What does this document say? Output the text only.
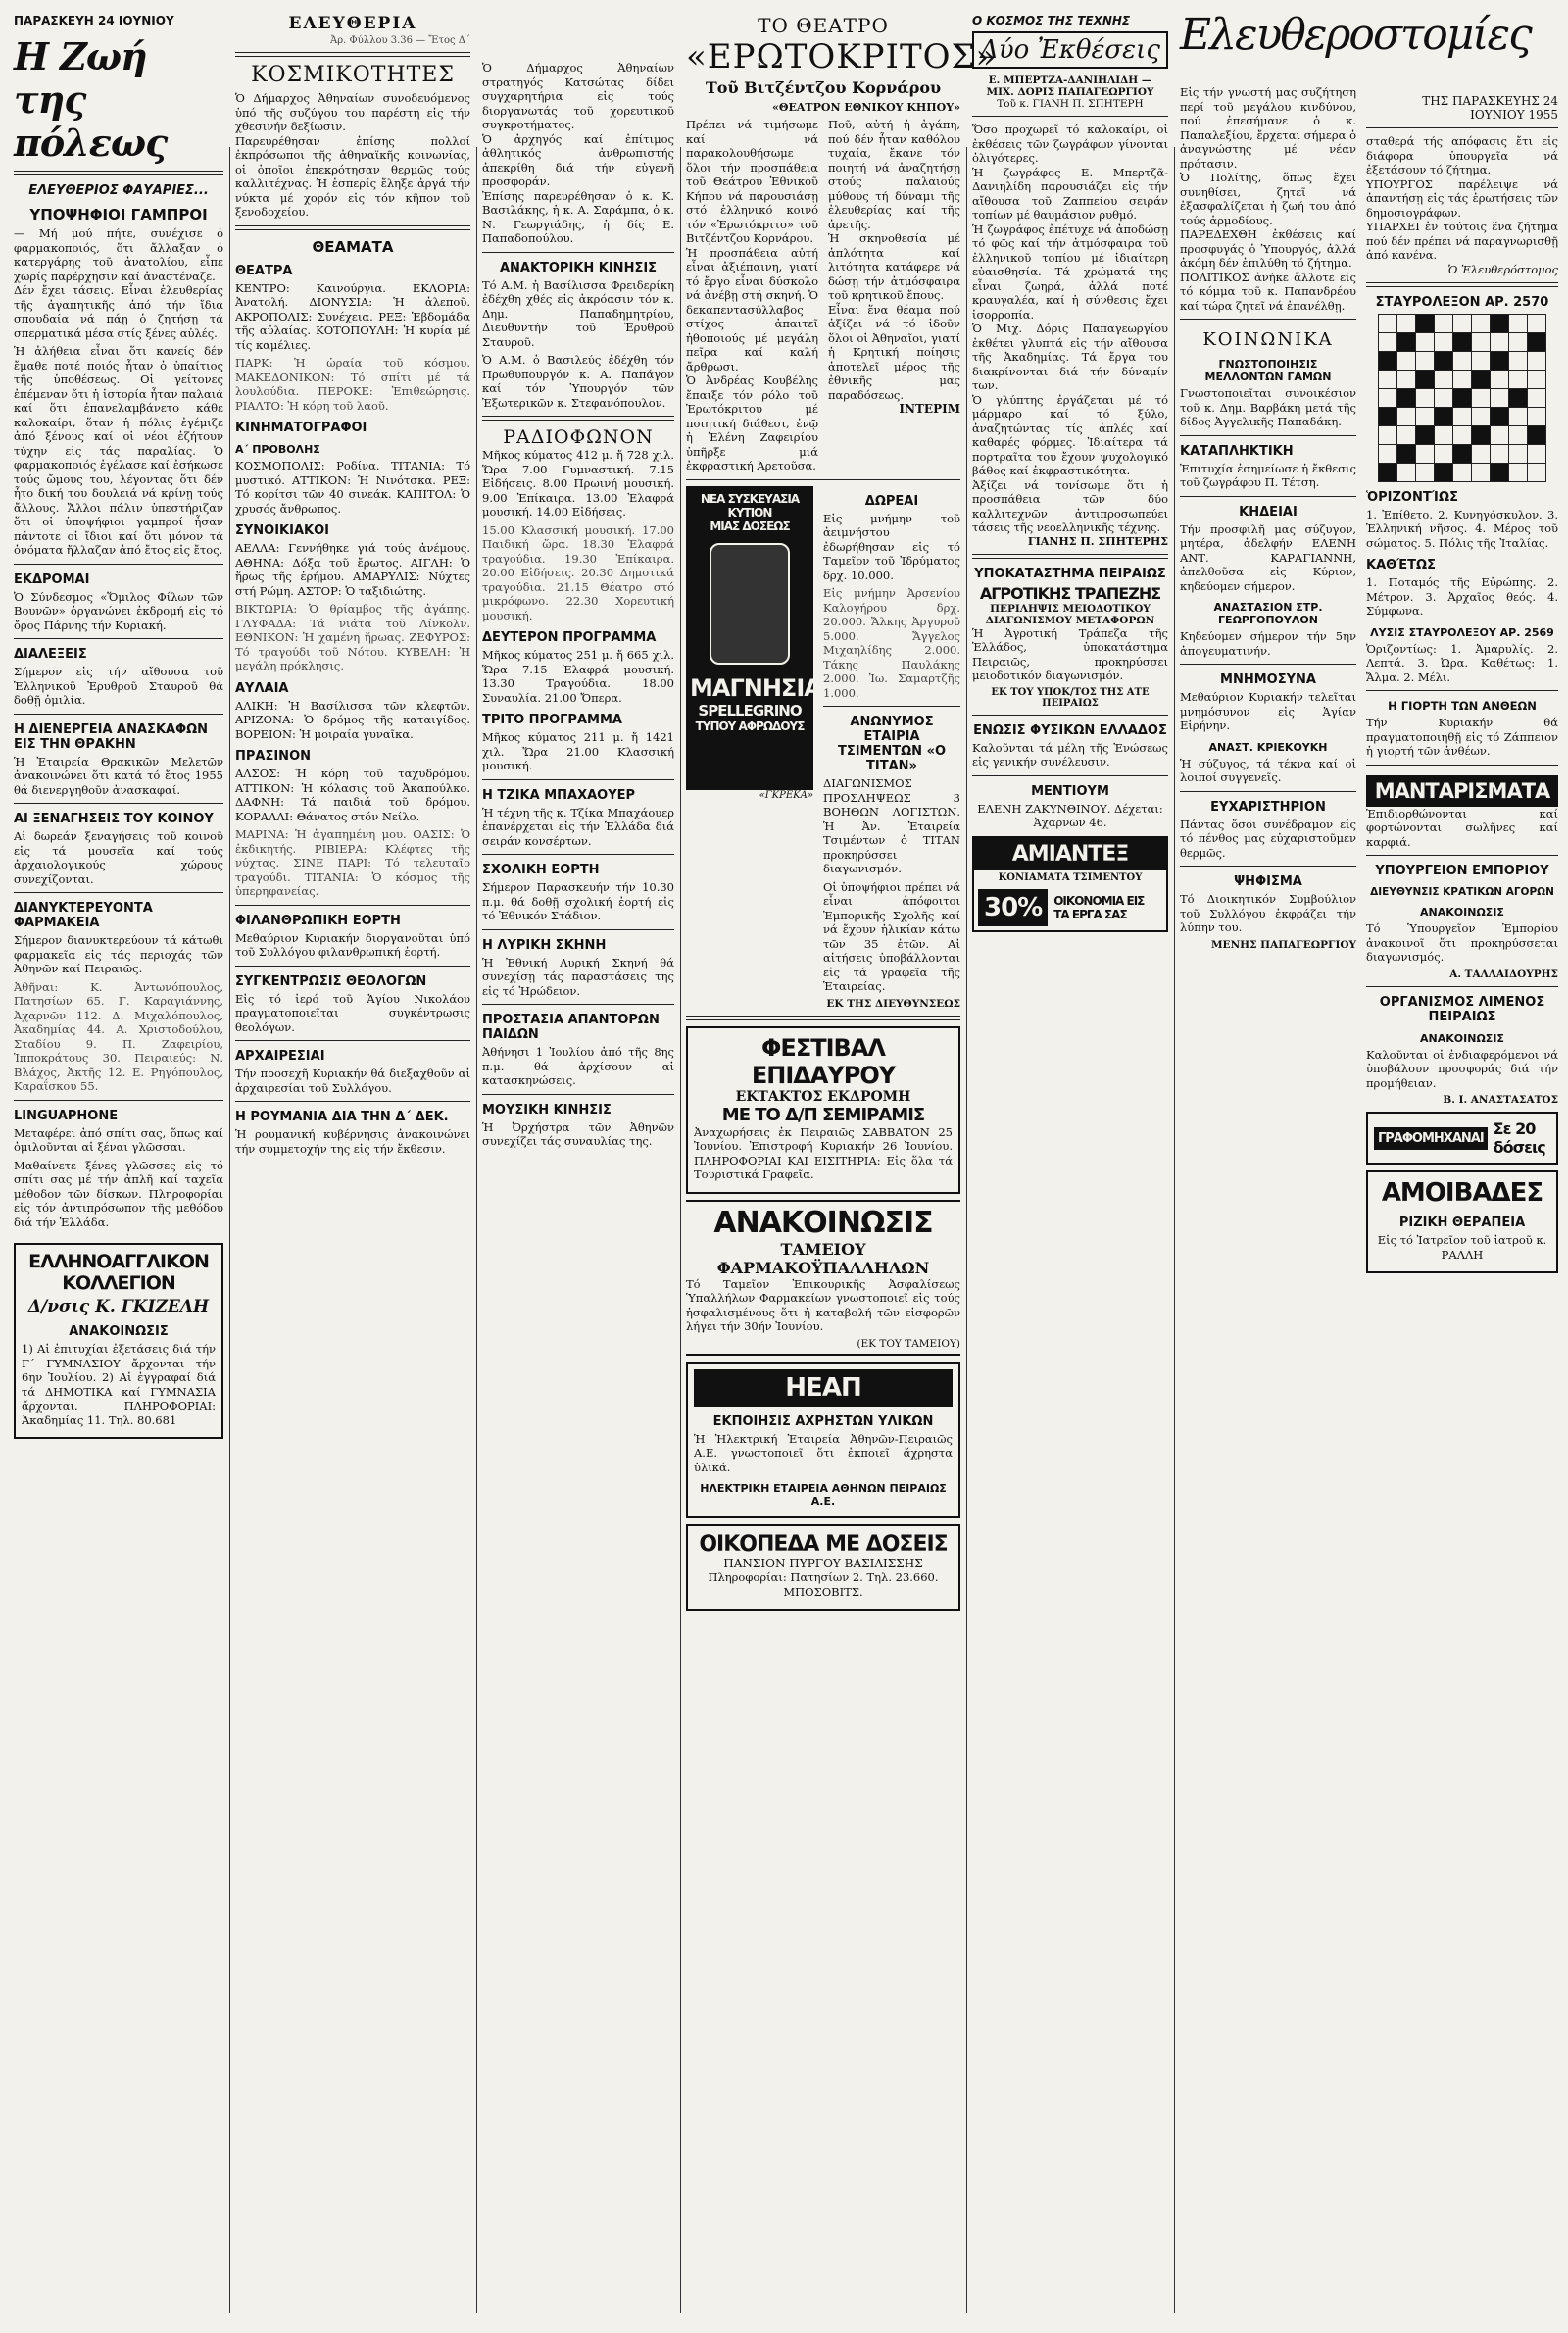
ΠΑΡΑΣΚΕΥΗ 24 ΙΟΥΝΙΟΥ
Η Ζωή της πόλεως
ΕΛΕΥΘΕΡΙΟΣ ΦΑΥΑΡΙΕΣ...
ΥΠΟΨΗΦΙΟΙ ΓΑΜΠΡΟΙ

— Μή μού πήτε, συνέχισε ὁ φαρμακοποιός, ὅτι ἄλλαξαν ὁ κατεργάρης τοῦ ἀνατολίου, εἶπε χωρίς παρέρχησιν καί ἀναστέναζε.

Δέν ἔχει τάσεις. Εἶναι ἐλευθερίας τῆς ἀγαπητικῆς ἀπό τήν ἴδια σπουδαία νά πάῃ ὁ ζητήσῃ τά σπερματικά μέσα στίς ξένες αὐλές.

Ἡ ἀλήθεια εἶναι ὅτι κανείς δέν ἔμαθε ποτέ ποιός ἦταν ὁ ὑπαίτιος τῆς ὑποθέσεως. Οἱ γείτονες ἐπέμεναν ὅτι ἡ ἱστορία ἦταν παλαιά καί ὅτι ἐπανελαμβάνετο κάθε καλοκαίρι, ὅταν ἡ πόλις ἐγέμιζε ἀπό ξένους καί οἱ νέοι ἐζήτουν τύχην εἰς τάς παραλίας. Ὁ φαρμακοποιός ἐγέλασε καί ἐσήκωσε τούς ὤμους του, λέγοντας ὅτι δέν ἦτο δική του δουλειά νά κρίνῃ τούς ἄλλους. Ἄλλοι πάλιν ὑπεστήριζαν ὅτι οἱ ὑποψήφιοι γαμπροί ἦσαν πάντοτε οἱ ἴδιοι καί ὅτι μόνον τά ὀνόματα ἤλλαζαν ἀπό ἔτος εἰς ἔτος.

ΕΚΔΡΟΜΑΙ

Ὁ Σύνδεσμος «Ὅμιλος Φίλων τῶν Βουνῶν» ὀργανώνει ἐκδρομή εἰς τό ὄρος Πάρνης τήν Κυριακή.

ΔΙΑΛΕΞΕΙΣ

Σήμερον εἰς τήν αἴθουσα τοῦ Ἑλληνικοῦ Ἐρυθροῦ Σταυροῦ θά δοθῇ ὁμιλία.

Η ΔΙΕΝΕΡΓΕΙΑ ΑΝΑΣΚΑΦΩΝ ΕΙΣ ΤΗΝ ΘΡΑΚΗΝ

Ἡ Ἑταιρεία Θρακικῶν Μελετῶν ἀνακοινώνει ὅτι κατά τό ἔτος 1955 θά διενεργηθοῦν ἀνασκαφαί.

ΑΙ ΞΕΝΑΓΗΣΕΙΣ ΤΟΥ ΚΟΙΝΟΥ

Αἱ δωρεάν ξεναγήσεις τοῦ κοινοῦ εἰς τά μουσεῖα καί τούς ἀρχαιολογικούς χώρους συνεχίζονται.

ΔΙΑΝΥΚΤΕΡΕΥΟΝΤΑ ΦΑΡΜΑΚΕΙΑ

Σήμερον διανυκτερεύουν τά κάτωθι φαρμακεῖα εἰς τάς περιοχάς τῶν Ἀθηνῶν καί Πειραιῶς.

Ἀθῆναι: Κ. Ἀντωνόπουλος, Πατησίων 65. Γ. Καραγιάννης, Ἀχαρνῶν 112. Δ. Μιχαλόπουλος, Ἀκαδημίας 44. Α. Χριστοδούλου, Σταδίου 9. Π. Ζαφειρίου, Ἱπποκράτους 30. Πειραιεύς: Ν. Βλάχος, Ἀκτῆς 12. Ε. Ρηγόπουλος, Καραΐσκου 55.

LINGUAPHONE

Μεταφέρει ἀπό σπίτι σας, ὅπως καί ὁμιλοῦνται αἱ ξέναι γλῶσσαι.

Μαθαίνετε ξένες γλῶσσες εἰς τό σπίτι σας μέ τήν ἀπλῆ καί ταχεῖα μέθοδον τῶν δίσκων. Πληροφορίαι εἰς τόν ἀντιπρόσωπον τῆς μεθόδου διά τήν Ἑλλάδα.

ΕΛΛΗΝΟΑΓΓΛΙΚΟΝ ΚΟΛΛΕΓΙΟΝ
Δ/νσις Κ. ΓΚΙΖΕΛΗ
ΑΝΑΚΟΙΝΩΣΙΣ

1) Αἱ ἐπιτυχίαι ἐξετάσεις διά τήν Γ΄ ΓΥΜΝΑΣΙΟΥ ἄρχονται τήν 6ην Ἰουλίου. 2) Αἱ ἐγγραφαί διά τά ΔΗΜΟΤΙΚΑ καί ΓΥΜΝΑΣΙΑ ἄρχονται. ΠΛΗΡΟΦΟΡΙΑΙ: Ἀκαδημίας 11. Τηλ. 80.681

ΕΛΕΥΘΕΡΙΑ
Ἀρ. Φύλλου 3.36 — Ἔτος Δ΄
ΚΟΣΜΙΚΟΤΗΤΕΣ

Ὁ Δήμαρχος Ἀθηναίων συνοδευόμενος ὑπό τῆς συζύγου του παρέστη εἰς τήν χθεσινήν δεξίωσιν.

Παρευρέθησαν ἐπίσης πολλοί ἐκπρόσωποι τῆς ἀθηναϊκῆς κοινωνίας, οἱ ὁποῖοι ἐπεκρότησαν θερμῶς τούς καλλιτέχνας. Ἡ ἑσπερίς ἔληξε ἀργά τήν νύκτα μέ χορόν εἰς τόν κῆπον τοῦ ξενοδοχείου.

ΘΕΑΜΑΤΑ
ΘΕΑΤΡΑ

ΚΕΝΤΡΟ: Καινούργια. ΕΚΛΟΡΙΑ: Ἀνατολή. ΔΙΟΝΥΣΙΑ: Ἡ ἀλεποῦ. ΑΚΡΟΠΟΛΙΣ: Συνέχεια. ΡΕΞ: Ἑβδομάδα τῆς αὐλαίας. ΚΟΤΟΠΟΥΛΗ: Ἡ κυρία μέ τίς καμέλιες.

ΠΑΡΚ: Ἡ ὡραία τοῦ κόσμου. ΜΑΚΕΔΟΝΙΚΟΝ: Τό σπίτι μέ τά λουλούδια. ΠΕΡΟΚΕ: Ἐπιθεώρησις. ΡΙΑΛΤΟ: Ἡ κόρη τοῦ λαοῦ.

ΚΙΝΗΜΑΤΟΓΡΑΦΟΙ
Α΄ ΠΡΟΒΟΛΗΣ

ΚΟΣΜΟΠΟΛΙΣ: Ροδίνα. ΤΙΤΑΝΙΑ: Τό μυστικό. ΑΤΤΙΚΟΝ: Ἡ Νινότσκα. ΡΕΞ: Τό κορίτσι τῶν 40 σινεάκ. ΚΑΠΙΤΟΛ: Ὁ χρυσός ἄνθρωπος.

ΣΥΝΟΙΚΙΑΚΟΙ

ΑΕΛΛΑ: Γεννήθηκε γιά τούς ἀνέμους. ΑΘΗΝΑ: Δόξα τοῦ ἔρωτος. ΑΙΓΛΗ: Ὁ ἥρως τῆς ἐρήμου. ΑΜΑΡΥΛΙΣ: Νύχτες στή Ρώμη. ΑΣΤΟΡ: Ὁ ταξιδιώτης.

ΒΙΚΤΩΡΙΑ: Ὁ θρίαμβος τῆς ἀγάπης. ΓΛΥΦΑΔΑ: Τά νιάτα τοῦ Λίνκολν. ΕΘΝΙΚΟΝ: Ἡ χαμένη ἥρωας. ΖΕΦΥΡΟΣ: Τό τραγούδι τοῦ Νότου. ΚΥΒΕΛΗ: Ἡ μεγάλη πρόκλησις.

ΑΥΛΑΙΑ

ΑΛΙΚΗ: Ἡ Βασίλισσα τῶν κλεφτῶν. ΑΡΙΖΟΝΑ: Ὁ δρόμος τῆς καταιγίδος. ΒΟΡΕΙΟΝ: Ἡ μοιραία γυναῖκα.

ΠΡΑΣΙΝΟΝ

ΑΛΣΟΣ: Ἡ κόρη τοῦ ταχυδρόμου. ΑΤΤΙΚΟΝ: Ἡ κόλασις τοῦ Ἀκαπούλκο. ΔΑΦΝΗ: Τά παιδιά τοῦ δρόμου. ΚΟΡΑΛΛΙ: Θάνατος στόν Νείλο.

ΜΑΡΙΝΑ: Ἡ ἀγαπημένη μου. ΟΑΣΙΣ: Ὁ ἐκδικητής. ΡΙΒΙΕΡΑ: Κλέφτες τῆς νύχτας. ΣΙΝΕ ΠΑΡΙ: Τό τελευταῖο τραγούδι. ΤΙΤΑΝΙΑ: Ὁ κόσμος τῆς ὑπερηφανείας.

ΦΙΛΑΝΘΡΩΠΙΚΗ ΕΟΡΤΗ

Μεθαύριον Κυριακήν διοργανοῦται ὑπό τοῦ Συλλόγου φιλανθρωπική ἑορτή.

ΣΥΓΚΕΝΤΡΩΣΙΣ ΘΕΟΛΟΓΩΝ

Εἰς τό ἱερό τοῦ Ἁγίου Νικολάου πραγματοποιεῖται συγκέντρωσις θεολόγων.

ΑΡΧΑΙΡΕΣΙΑΙ

Τήν προσεχῆ Κυριακήν θά διεξαχθοῦν αἱ ἀρχαιρεσίαι τοῦ Συλλόγου.

Η ΡΟΥΜΑΝΙΑ ΔΙΑ ΤΗΝ Δ΄ ΔΕΚ.

Ἡ ρουμανική κυβέρνησις ἀνακοινώνει τήν συμμετοχήν της εἰς τήν ἔκθεσιν.

Ὁ Δήμαρχος Ἀθηναίων στρατηγός Κατσώτας δίδει συγχαρητήρια εἰς τούς διοργανωτάς τοῦ χορευτικοῦ συγκροτήματος.

Ὁ ἀρχηγός καί ἐπίτιμος ἀθλητικός ἀνθρωπιστής ἀπεκρίθη διά τήν εὐγενῆ προσφοράν.

Ἐπίσης παρευρέθησαν ὁ κ. Κ. Βασιλάκης, ἡ κ. Α. Σαράμπα, ὁ κ. Ν. Γεωργιάδης, ἡ δίς Ε. Παπαδοπούλου.

ΑΝΑΚΤΟΡΙΚΗ ΚΙΝΗΣΙΣ

Τό Α.Μ. ἡ Βασίλισσα Φρειδερίκη ἐδέχθη χθές εἰς ἀκρόασιν τόν κ. Δημ. Παπαδημητρίου, Διευθυντήν τοῦ Ἐρυθροῦ Σταυροῦ.

Ὁ Α.Μ. ὁ Βασιλεύς ἐδέχθη τόν Πρωθυπουργόν κ. Α. Παπάγον καί τόν Ὑπουργόν τῶν Ἐξωτερικῶν κ. Στεφανόπουλον.

ΡΑΔΙΟΦΩΝΟΝ

Μῆκος κύματος 412 μ. ἤ 728 χιλ. Ὥρα 7.00 Γυμναστική. 7.15 Εἰδήσεις. 8.00 Πρωινή μουσική. 9.00 Ἐπίκαιρα. 13.00 Ἐλαφρά μουσική. 14.00 Εἰδήσεις.

15.00 Κλασσική μουσική. 17.00 Παιδική ὥρα. 18.30 Ἐλαφρά τραγούδια. 19.30 Ἐπίκαιρα. 20.00 Εἰδήσεις. 20.30 Δημοτικά τραγούδια. 21.15 Θέατρο στό μικρόφωνο. 22.30 Χορευτική μουσική.

ΔΕΥΤΕΡΟΝ ΠΡΟΓΡΑΜΜΑ

Μῆκος κύματος 251 μ. ἤ 665 χιλ. Ὥρα 7.15 Ἐλαφρά μουσική. 13.30 Τραγούδια. 18.00 Συναυλία. 21.00 Ὄπερα.

ΤΡΙΤΟ ΠΡΟΓΡΑΜΜΑ

Μῆκος κύματος 211 μ. ἤ 1421 χιλ. Ὥρα 21.00 Κλασσική μουσική.

Η ΤΖΙΚΑ ΜΠΑΧΑΟΥΕΡ

Ἡ τέχνη τῆς κ. Τζίκα Μπαχάουερ ἐπανέρχεται εἰς τήν Ἑλλάδα διά σειράν κονσέρτων.

ΣΧΟΛΙΚΗ ΕΟΡΤΗ

Σήμερον Παρασκευήν τήν 10.30 π.μ. θά δοθῇ σχολική ἑορτή εἰς τό Ἐθνικόν Στάδιον.

Η ΛΥΡΙΚΗ ΣΚΗΝΗ

Ἡ Ἐθνική Λυρική Σκηνή θά συνεχίσῃ τάς παραστάσεις της εἰς τό Ἡρώδειον.

ΠΡΟΣΤΑΣΙΑ ΑΠΑΝΤΟΡΩΝ ΠΑΙΔΩΝ

Ἀθήνησι 1 Ἰουλίου ἀπό τῆς 8ης π.μ. θά ἀρχίσουν αἱ κατασκηνώσεις.

ΜΟΥΣΙΚΗ ΚΙΝΗΣΙΣ

Ἡ Ὀρχήστρα τῶν Ἀθηνῶν συνεχίζει τάς συναυλίας της.

ΤΟ ΘΕΑΤΡΟ
«ΕΡΩΤΟΚΡΙΤΟΣ»
Τοῦ Βιτζέντζου Κορνάρου
«ΘΕΑΤΡΟΝ ΕΘΝΙΚΟΥ ΚΗΠΟΥ»

Πρέπει νά τιμήσωμε καί νά παρακολουθήσωμε ὅλοι τήν προσπάθεια τοῦ Θεάτρου Ἐθνικοῦ Κήπου νά παρουσιάσῃ στό ἐλληνικό κοινό τόν «Ἐρωτόκριτο» τοῦ Βιτζέντζου Κορνάρου.

Ἡ προσπάθεια αὐτή εἶναι ἀξιέπαινη, γιατί τό ἔργο εἶναι δύσκολο νά ἀνέβῃ στή σκηνή. Ὁ δεκαπεντασύλλαβος στίχος ἀπαιτεῖ ἠθοποιούς μέ μεγάλη πεῖρα καί καλή ἄρθρωσι.

Ὁ Ἀνδρέας Κουβέλης ἔπαιξε τόν ρόλο τοῦ Ἐρωτόκριτου μέ ποιητική διάθεσι, ἐνῷ ἡ Ἐλένη Ζαφειρίου ὑπῆρξε μιά ἐκφραστική Ἀρετοῦσα.

Ποῦ, αὐτή ἡ ἀγάπη, πού δέν ἦταν καθόλου τυχαία, ἔκανε τόν ποιητή νά ἀναζητήσῃ στούς παλαιούς μύθους τή δύναμι τῆς ἐλευθερίας καί τῆς ἀρετῆς.

Ἡ σκηνοθεσία μέ ἁπλότητα καί λιτότητα κατάφερε νά δώσῃ τήν ἀτμόσφαιρα τοῦ κρητικοῦ ἔπους.

Εἶναι ἕνα θέαμα πού ἀξίζει νά τό ἰδοῦν ὅλοι οἱ Ἀθηναῖοι, γιατί ἡ Κρητική ποίησις ἀποτελεῖ μέρος τῆς ἐθνικῆς μας παραδόσεως.

ΙΝΤΕΡΙΜ
ΝΕΑ ΣΥΣΚΕΥΑΣΙΑ
ΚΥΤΙΟΝ
ΜΙΑΣ ΔΟΣΕΩΣ
ΜΑΓΝΗΣΙΑ
SPELLEGRINO
ΤΥΠΟΥ ΑΦΡΩΔΟΥΣ
«ΓΚΡΕΚΑ»
ΔΩΡΕΑΙ

Εἰς μνήμην τοῦ ἀειμνήστου ἐδωρήθησαν εἰς τό Ταμεῖον τοῦ Ἰδρύματος δρχ. 10.000.

Εἰς μνήμην Ἀρσενίου Καλογήρου δρχ. 20.000. Ἄλκης Ἀργυροῦ 5.000. Ἄγγελος Μιχαηλίδης 2.000. Τάκης Παυλάκης 2.000. Ἰω. Σαμαρτζῆς 1.000.

ΑΝΩΝΥΜΟΣ ΕΤΑΙΡΙΑ ΤΣΙΜΕΝΤΩΝ «Ο ΤΙΤΑΝ»

ΔΙΑΓΩΝΙΣΜΟΣ ΠΡΟΣΛΗΨΕΩΣ 3 ΒΟΗΘΩΝ ΛΟΓΙΣΤΩΝ. Ἡ Ἀν. Ἑταιρεία Τσιμέντων ὁ ΤΙΤΑΝ προκηρύσσει διαγωνισμόν.

Οἱ ὑποψήφιοι πρέπει νά εἶναι ἀπόφοιτοι Ἐμπορικῆς Σχολῆς καί νά ἔχουν ἡλικίαν κάτω τῶν 35 ἐτῶν. Αἱ αἰτήσεις ὑποβάλλονται εἰς τά γραφεῖα τῆς Ἑταιρείας.

ΕΚ ΤΗΣ ΔΙΕΥΘΥΝΣΕΩΣ
ΦΕΣΤΙΒΑΛ ΕΠΙΔΑΥΡΟΥ
ΕΚΤΑΚΤΟΣ ΕΚΔΡΟΜΗ
ΜΕ ΤΟ Δ/Π ΣΕΜΙΡΑΜΙΣ

Ἀναχωρήσεις ἐκ Πειραιῶς ΣΑΒΒΑΤΟΝ 25 Ἰουνίου. Ἐπιστροφή Κυριακήν 26 Ἰουνίου. ΠΛΗΡΟΦΟΡΙΑΙ ΚΑΙ ΕΙΣΙΤΗΡΙΑ: Εἰς ὅλα τά Τουριστικά Γραφεῖα.

ΑΝΑΚΟΙΝΩΣΙΣ
ΤΑΜΕΙΟΥ ΦΑΡΜΑΚΟΫΠΑΛΛΗΛΩΝ

Τό Ταμεῖον Ἐπικουρικῆς Ἀσφαλίσεως Ὑπαλλήλων Φαρμακείων γνωστοποιεῖ εἰς τούς ἠσφαλισμένους ὅτι ἡ καταβολή τῶν εἰσφορῶν λήγει τήν 30ήν Ἰουνίου.

(ΕΚ ΤΟΥ ΤΑΜΕΙΟΥ)
ΗΕΑΠ
ΕΚΠΟΙΗΣΙΣ ΑΧΡΗΣΤΩΝ ΥΛΙΚΩΝ

Ἡ Ἠλεκτρική Ἑταιρεία Ἀθηνῶν-Πειραιῶς Α.Ε. γνωστοποιεῖ ὅτι ἐκποιεῖ ἄχρηστα ὑλικά.

ΗΛΕΚΤΡΙΚΗ ΕΤΑΙΡΕΙΑ ΑΘΗΝΩΝ ΠΕΙΡΑΙΩΣ Α.Ε.
ΟΙΚΟΠΕΔΑ ΜΕ ΔΟΣΕΙΣ
ΠΑΝΣΙΟΝ ΠΥΡΓΟΥ ΒΑΣΙΛΙΣΣΗΣ

Πληροφορίαι: Πατησίων 2. Τηλ. 23.660. ΜΠΟΣΟΒΙΤΣ.

Ο ΚΟΣΜΟΣ ΤΗΣ ΤΕΧΝΗΣ
Δύο Ἐκθέσεις
Ε. ΜΠΕΡΤΖΑ-ΔΑΝΙΗΛΙΔΗ —
ΜΙΧ. ΔΟΡΙΣ ΠΑΠΑΓΕΩΡΓΙΟΥ
Τοῦ κ. ΓΙΑΝΗ Π. ΣΠΗΤΕΡΗ

Ὅσο προχωρεῖ τό καλοκαίρι, οἱ ἐκθέσεις τῶν ζωγράφων γίνονται ὀλιγότερες.

Ἡ ζωγράφος Ε. Μπερτζᾶ-Δανιηλίδη παρουσιάζει εἰς τήν αἴθουσα τοῦ Ζαππείου σειράν τοπίων μέ θαυμάσιον ρυθμό.

Ἡ ζωγράφος ἐπέτυχε νά ἀποδώσῃ τό φῶς καί τήν ἀτμόσφαιρα τοῦ ἑλληνικοῦ τοπίου μέ ἰδιαίτερη εὐαισθησία. Τά χρώματά της εἶναι ζωηρά, ἀλλά ποτέ κραυγαλέα, καί ἡ σύνθεσις ἔχει ἰσορροπία.

Ὁ Μιχ. Δόρις Παπαγεωργίου ἐκθέτει γλυπτά εἰς τήν αἴθουσα τῆς Ἀκαδημίας. Τά ἔργα του διακρίνονται διά τήν δύναμίν των.

Ὁ γλύπτης ἐργάζεται μέ τό μάρμαρο καί τό ξύλο, ἀναζητώντας τίς ἁπλές καί καθαρές φόρμες. Ἰδιαίτερα τά πορτραῖτα του ἔχουν ψυχολογικό βάθος καί ἐκφραστικότητα.

Ἀξίζει νά τονίσωμε ὅτι ἡ προσπάθεια τῶν δύο καλλιτεχνῶν ἀντιπροσωπεύει τάσεις τῆς νεοελληνικῆς τέχνης.

ΓΙΑΝΗΣ Π. ΣΠΗΤΕΡΗΣ
ΥΠΟΚΑΤΑΣΤΗΜΑ ΠΕΙΡΑΙΩΣ
ΑΓΡΟΤΙΚΗΣ ΤΡΑΠΕΖΗΣ
ΠΕΡΙΛΗΨΙΣ ΜΕΙΟΔΟΤΙΚΟΥ ΔΙΑΓΩΝΙΣΜΟΥ ΜΕΤΑΦΟΡΩΝ

Ἡ Ἀγροτική Τράπεζα τῆς Ἑλλάδος, ὑποκατάστημα Πειραιῶς, προκηρύσσει μειοδοτικόν διαγωνισμόν.

ΕΚ ΤΟΥ ΥΠΟΚ/ΤΟΣ ΤΗΣ ΑΤΕ ΠΕΙΡΑΙΩΣ
ΕΝΩΣΙΣ ΦΥΣΙΚΩΝ ΕΛΛΑΔΟΣ

Καλοῦνται τά μέλη τῆς Ἑνώσεως εἰς γενικήν συνέλευσιν.

ΜΕΝΤΙΟΥΜ

ΕΛΕΝΗ ΖΑΚΥΝΘΙΝΟΥ. Δέχεται: Ἀχαρνῶν 46.

ΑΜΙΑΝΤΕΞ
ΚΟΝΙΑΜΑΤΑ ΤΣΙΜΕΝΤΟΥ
30%	ΟΙΚΟΝΟΜΙΑ ΕΙΣ ΤΑ ΕΡΓΑ ΣΑΣ
Ελευθεροστομίες

Εἰς τήν γνωστή μας συζήτηση περί τοῦ μεγάλου κινδύνου, πού ἐπεσήμανε ὁ κ. Παπαλεξίου, ἔρχεται σήμερα ὁ ἀναγνώστης μέ νέαν πρότασιν.

Ὁ Πολίτης, ὅπως ἔχει συνηθίσει, ζητεῖ νά ἐξασφαλίζεται ἡ ζωή του ἀπό τούς ἁρμοδίους.

ΠΑΡΕΔΕΧΘΗ ἐκθέσεις καί προσφυγάς ὁ Ὑπουργός, ἀλλά ἀκόμη δέν ἐπιλύθη τό ζήτημα.

ΠΟΛΙΤΙΚΟΣ ἀνήκε ἄλλοτε εἰς τό κόμμα τοῦ κ. Παπανδρέου καί τώρα ζητεῖ νά ἐπανέλθῃ.

ΚΟΙΝΩΝΙΚΑ
ΓΝΩΣΤΟΠΟΙΗΣΙΣ ΜΕΛΛΟΝΤΩΝ ΓΑΜΩΝ

Γνωστοποιεῖται συνοικέσιον τοῦ κ. Δημ. Βαρβάκη μετά τῆς δίδος Ἀγγελικῆς Παπαδάκη.

ΚΑΤΑΠΛΗΚΤΙΚΗ

Ἐπιτυχία ἐσημείωσε ἡ ἔκθεσις τοῦ ζωγράφου Π. Τέτση.

ΚΗΔΕΙΑΙ

Τήν προσφιλῆ μας σύζυγον, μητέρα, ἀδελφήν ΕΛΕΝΗ ΑΝΤ. ΚΑΡΑΓΙΑΝΝΗ, ἀπελθοῦσα εἰς Κύριον, κηδεύομεν σήμερον.

ΑΝΑΣΤΑΣΙΟΝ ΣΤΡ. ΓΕΩΡΓΟΠΟΥΛΟΝ

Κηδεύομεν σήμερον τήν 5ην ἀπογευματινήν.

ΜΝΗΜΟΣΥΝΑ

Μεθαύριον Κυριακήν τελεῖται μνημόσυνον εἰς Ἁγίαν Εἰρήνην.

ΑΝΑΣΤ. ΚΡΙΕΚΟΥΚΗ

Ἡ σύζυγος, τά τέκνα καί οἱ λοιποί συγγενεῖς.

ΕΥΧΑΡΙΣΤΗΡΙΟΝ

Πάντας ὅσοι συνέδραμον εἰς τό πένθος μας εὐχαριστοῦμεν θερμῶς.

ΨΗΦΙΣΜΑ

Τό Διοικητικόν Συμβούλιον τοῦ Συλλόγου ἐκφράζει τήν λύπην του.

ΜΕΝΗΣ ΠΑΠΑΓΕΩΡΓΙΟΥ
ΤΗΣ ΠΑΡΑΣΚΕΥΗΣ 24 ΙΟΥΝΙΟΥ 1955

σταθερά τής απόφασις ἔτι εἰς διάφορα ὑπουργεῖα νά ἐξετάσουν τό ζήτημα.

ΥΠΟΥΡΓΟΣ παρέλειψε νά ἀπαντήσῃ εἰς τάς ἐρωτήσεις τῶν δημοσιογράφων.

ΥΠΑΡΧΕΙ ἐν τούτοις ἕνα ζήτημα πού δέν πρέπει νά παραγνωρισθῇ ἀπό κανένα.

Ὁ Ἐλευθερόστομος
ΣΤΑΥΡΟΛΕΞΟΝ ΑΡ. 2570

ὉΡΙΖΟΝΤΊΩΣ

1. Ἐπίθετο. 2. Κυνηγόσκυλον. 3. Ἑλληνική νῆσος. 4. Μέρος τοῦ σώματος. 5. Πόλις τῆς Ἰταλίας.

ΚΑΘΈΤΩΣ

1. Ποταμός τῆς Εὐρώπης. 2. Μέτρον. 3. Ἀρχαῖος θεός. 4. Σύμφωνα.

ΛΥΣΙΣ ΣΤΑΥΡΟΛΕΞΟΥ ΑΡ. 2569

Ὁριζοντίως: 1. Ἀμαρυλίς. 2. Λεπτά. 3. Ὠρα. Καθέτως: 1. Ἄλμα. 2. Μέλι.

Η ΓΙΟΡΤΗ ΤΩΝ ΑΝΘΕΩΝ

Τήν Κυριακήν θά πραγματοποιηθῇ εἰς τό Ζάππειον ἡ γιορτή τῶν ἀνθέων.

ΜΑΝΤΑΡΙΣΜΑΤΑ

Ἐπιδιορθώνονται καί φορτώνονται σωλῆνες καί καρφιά.

ΥΠΟΥΡΓΕΙΟΝ ΕΜΠΟΡΙΟΥ
ΔΙΕΥΘΥΝΣΙΣ ΚΡΑΤΙΚΩΝ ΑΓΟΡΩΝ
ΑΝΑΚΟΙΝΩΣΙΣ

Τό Ὑπουργεῖον Ἐμπορίου ἀνακοινοῖ ὅτι προκηρύσσεται διαγωνισμός.

Α. ΤΑΛΛΑΙΔΟΥΡΗΣ
ΟΡΓΑΝΙΣΜΟΣ ΛΙΜΕΝΟΣ ΠΕΙΡΑΙΩΣ
ΑΝΑΚΟΙΝΩΣΙΣ

Καλοῦνται οἱ ἐνδιαφερόμενοι νά ὑποβάλουν προσφοράς διά τήν προμήθειαν.

Β. Ι. ΑΝΑΣΤΑΣΑΤΟΣ
ΓΡΑΦΟΜΗΧΑΝΑΙ Σε 20 δόσεις
ΑΜΟΙΒΑΔΕΣ
ΡΙΖΙΚΗ ΘΕΡΑΠΕΙΑ

Εἰς τό Ἰατρεῖον τοῦ ἰατροῦ κ. ΡΑΛΛΗ
